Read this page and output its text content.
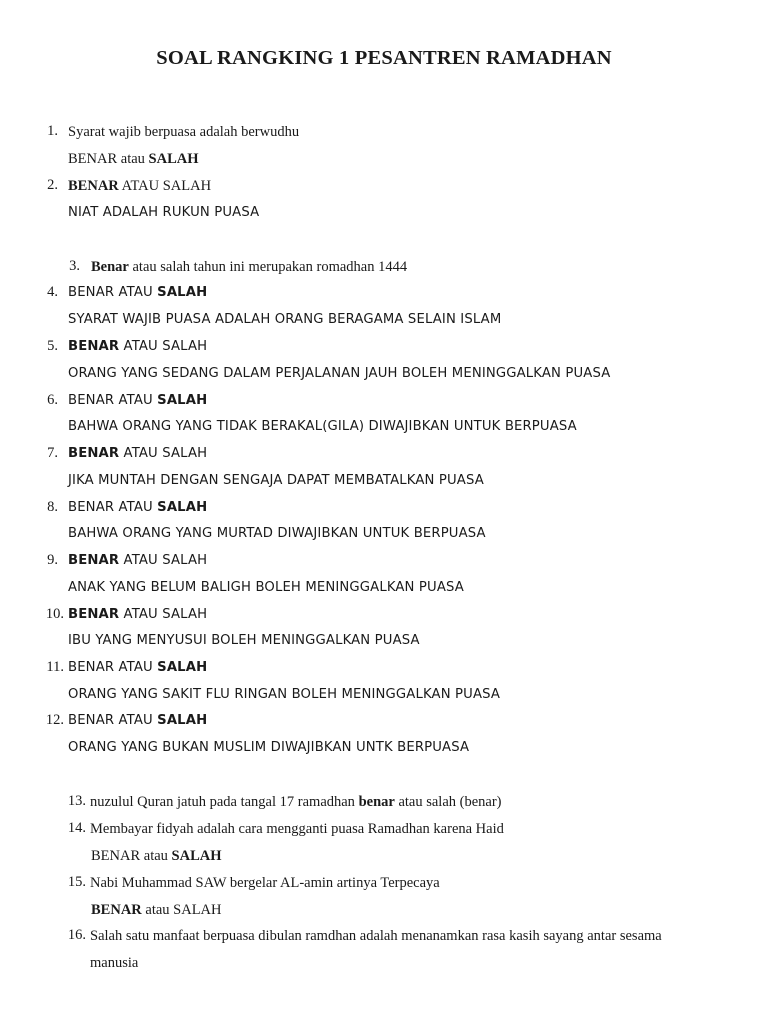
SOAL RANGKING 1 PESANTREN RAMADHAN
1. Syarat wajib berpuasa adalah berwudhu
BENAR atau SALAH
2. BENAR ATAU SALAH
NIAT ADALAH RUKUN PUASA
3. Benar atau salah tahun ini merupakan romadhan 1444
4. BENAR ATAU SALAH
SYARAT WAJIB PUASA ADALAH ORANG BERAGAMA SELAIN ISLAM
5. BENAR ATAU SALAH
ORANG YANG SEDANG DALAM PERJALANAN JAUH BOLEH MENINGGALKAN PUASA
6. BENAR ATAU SALAH
BAHWA ORANG YANG TIDAK BERAKAL(GILA) DIWAJIBKAN UNTUK BERPUASA
7. BENAR ATAU SALAH
JIKA MUNTAH DENGAN SENGAJA DAPAT MEMBATALKAN PUASA
8. BENAR ATAU SALAH
BAHWA ORANG YANG MURTAD DIWAJIBKAN UNTUK BERPUASA
9. BENAR ATAU SALAH
ANAK YANG BELUM BALIGH BOLEH MENINGGALKAN PUASA
10. BENAR ATAU SALAH
IBU YANG MENYUSUI BOLEH MENINGGALKAN PUASA
11. BENAR ATAU SALAH
ORANG YANG SAKIT FLU RINGAN BOLEH MENINGGALKAN PUASA
12. BENAR ATAU SALAH
ORANG YANG BUKAN MUSLIM DIWAJIBKAN UNTK BERPUASA
13. nuzulul Quran jatuh pada tangal 17 ramadhan benar atau salah (benar)
14. Membayar fidyah adalah cara mengganti puasa Ramadhan karena Haid
BENAR atau SALAH
15. Nabi Muhammad SAW bergelar AL-amin artinya Terpecaya
BENAR atau SALAH
16. Salah satu manfaat berpuasa dibulan ramdhan adalah menanamkan rasa kasih sayang antar sesama
manusia
